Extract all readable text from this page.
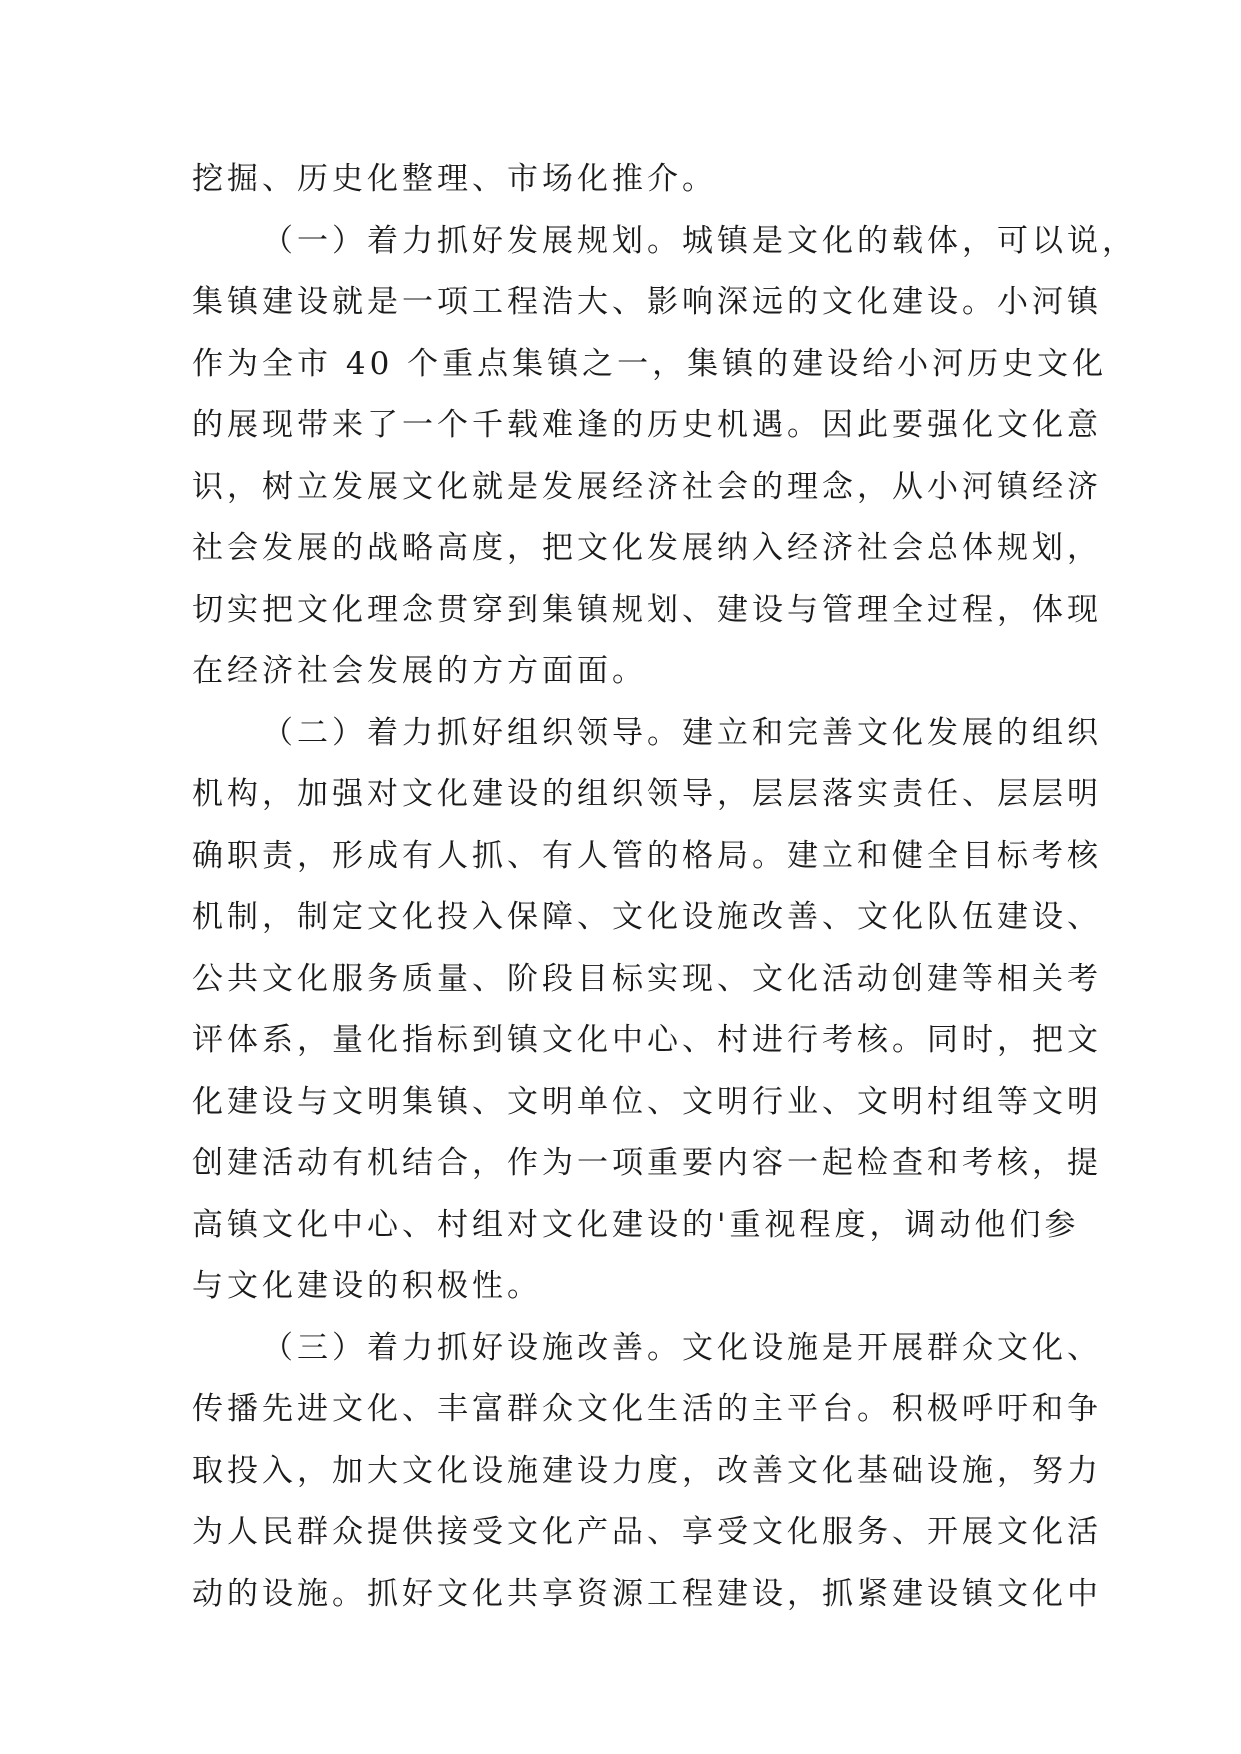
挖掘、历史化整理、市场化推介。
（一）着力抓好发展规划。城镇是文化的载体，可以说，
集镇建设就是一项工程浩大、影响深远的文化建设。小河镇
作为全市 40 个重点集镇之一，集镇的建设给小河历史文化
的展现带来了一个千载难逢的历史机遇。因此要强化文化意
识，树立发展文化就是发展经济社会的理念，从小河镇经济
社会发展的战略高度，把文化发展纳入经济社会总体规划，
切实把文化理念贯穿到集镇规划、建设与管理全过程，体现
在经济社会发展的方方面面。
（二）着力抓好组织领导。建立和完善文化发展的组织
机构，加强对文化建设的组织领导，层层落实责任、层层明
确职责，形成有人抓、有人管的格局。建立和健全目标考核
机制，制定文化投入保障、文化设施改善、文化队伍建设、
公共文化服务质量、阶段目标实现、文化活动创建等相关考
评体系，量化指标到镇文化中心、村进行考核。同时，把文
化建设与文明集镇、文明单位、文明行业、文明村组等文明
创建活动有机结合，作为一项重要内容一起检查和考核，提
高镇文化中心、村组对文化建设的'重视程度，调动他们参
与文化建设的积极性。
（三）着力抓好设施改善。文化设施是开展群众文化、
传播先进文化、丰富群众文化生活的主平台。积极呼吁和争
取投入，加大文化设施建设力度，改善文化基础设施，努力
为人民群众提供接受文化产品、享受文化服务、开展文化活
动的设施。抓好文化共享资源工程建设，抓紧建设镇文化中
